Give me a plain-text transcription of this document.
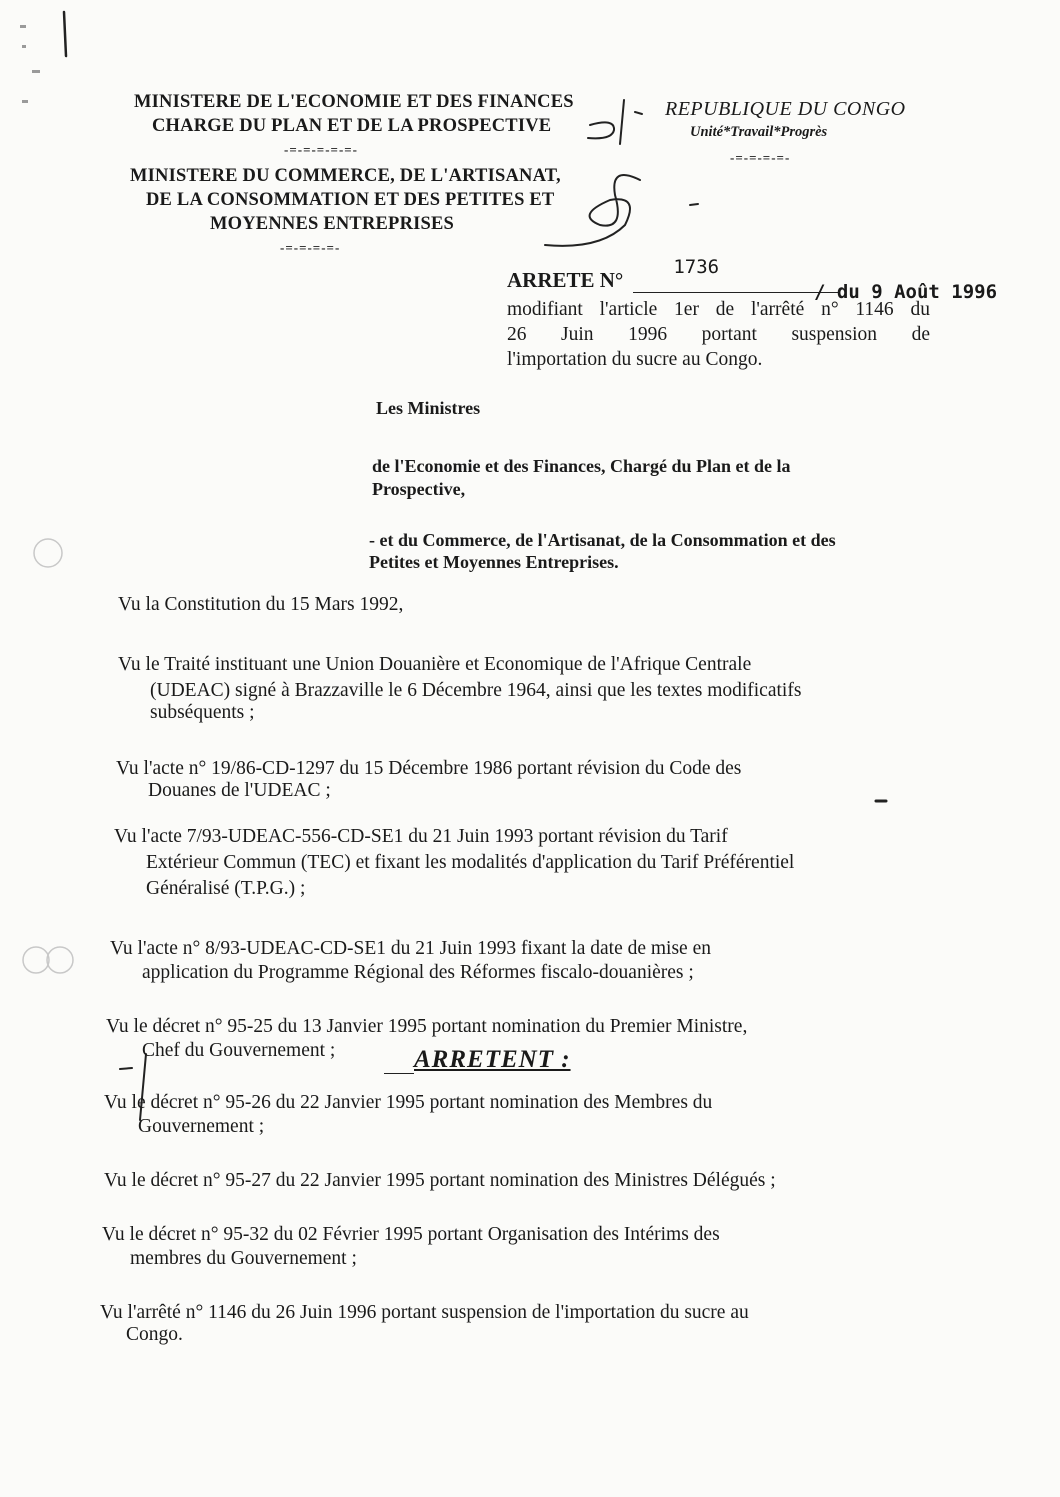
MINISTERE DE L'ECONOMIE ET DES FINANCES
CHARGE DU PLAN ET DE LA PROSPECTIVE
-=-=-=-=-=-
MINISTERE DU COMMERCE, DE L'ARTISANAT,
DE LA CONSOMMATION ET DES PETITES ET
MOYENNES ENTREPRISES
-=-=-=-=-
REPUBLIQUE DU CONGO
Unité*Travail*Progrès
-=-=-=-=-
ARRETE N°
1736
/ du 9 Août 1996
modifiant l'article 1er de l'arrêté n° 1146 du
26 Juin 1996 portant suspension de
l'importation du sucre au Congo.
Les Ministres
de l'Economie et des Finances, Chargé du Plan et de la
Prospective,
- et du Commerce, de l'Artisanat, de la Consommation et des
Petites et Moyennes Entreprises.
Vu la Constitution du 15 Mars 1992,
Vu le Traité instituant une Union Douanière et Economique de l'Afrique Centrale
(UDEAC) signé à Brazzaville le 6 Décembre 1964, ainsi que les textes modificatifs
subséquents ;
Vu l'acte n° 19/86-CD-1297 du 15 Décembre 1986 portant révision du Code des
Douanes de l'UDEAC ;
Vu l'acte 7/93-UDEAC-556-CD-SE1 du 21 Juin 1993 portant révision du Tarif
Extérieur Commun (TEC) et fixant les modalités d'application du Tarif Préférentiel
Généralisé (T.P.G.) ;
Vu l'acte n° 8/93-UDEAC-CD-SE1 du 21 Juin 1993 fixant la date de mise en
application du Programme Régional des Réformes fiscalo-douanières ;
Vu le décret n° 95-25 du 13 Janvier 1995 portant nomination du Premier Ministre,
Chef du Gouvernement ;
Vu le décret n° 95-26 du 22 Janvier 1995 portant nomination des Membres du
Gouvernement ;
Vu le décret n° 95-27 du 22 Janvier 1995 portant nomination des Ministres Délégués ;
Vu le décret n° 95-32 du 02 Février 1995 portant Organisation des Intérims des
membres du Gouvernement ;
Vu l'arrêté n° 1146 du 26 Juin 1996 portant suspension de l'importation du sucre au
Congo.
ARRETENT :
